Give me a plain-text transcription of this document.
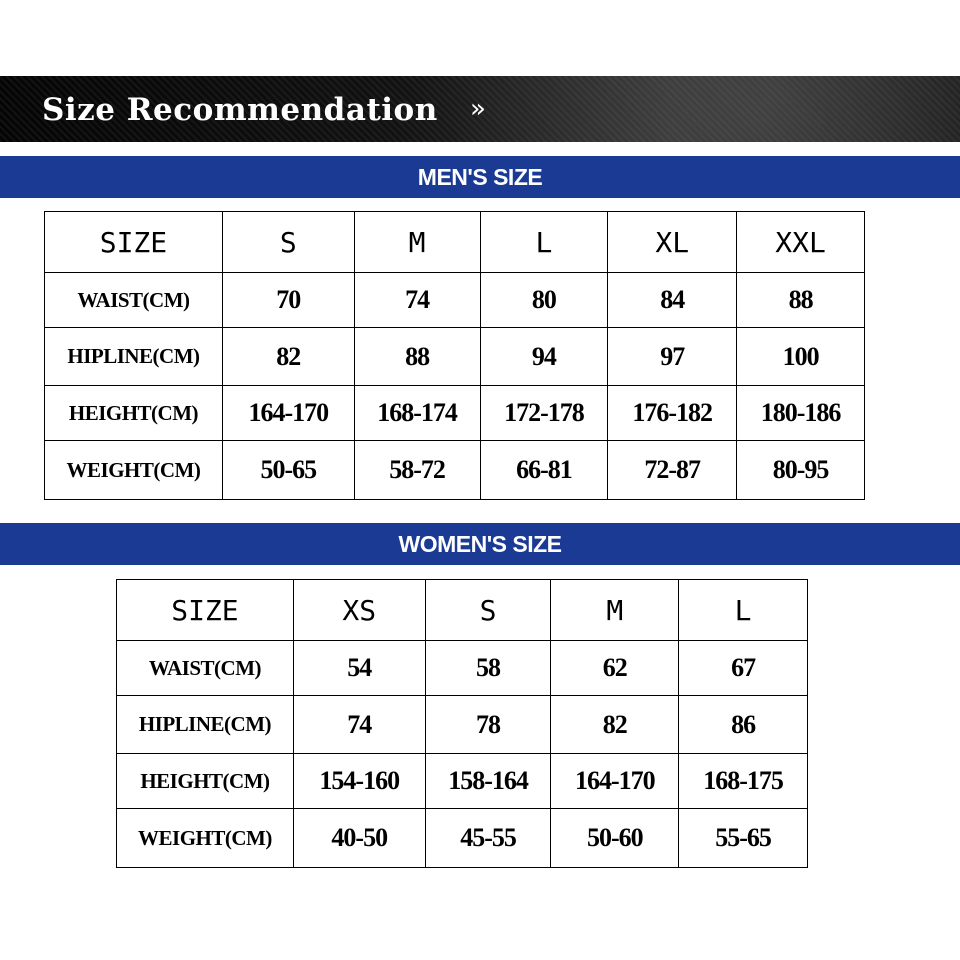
Size Recommendation »
MEN'S SIZE
SIZE	S	M	L	XL	XXL
WAIST(CM)	70	74	80	84	88
HIPLINE(CM)	82	88	94	97	100
HEIGHT(CM)	164-170	168-174	172-178	176-182	180-186
WEIGHT(CM)	50-65	58-72	66-81	72-87	80-95
WOMEN'S SIZE
SIZE	XS	S	M	L
WAIST(CM)	54	58	62	67
HIPLINE(CM)	74	78	82	86
HEIGHT(CM)	154-160	158-164	164-170	168-175
WEIGHT(CM)	40-50	45-55	50-60	55-65
